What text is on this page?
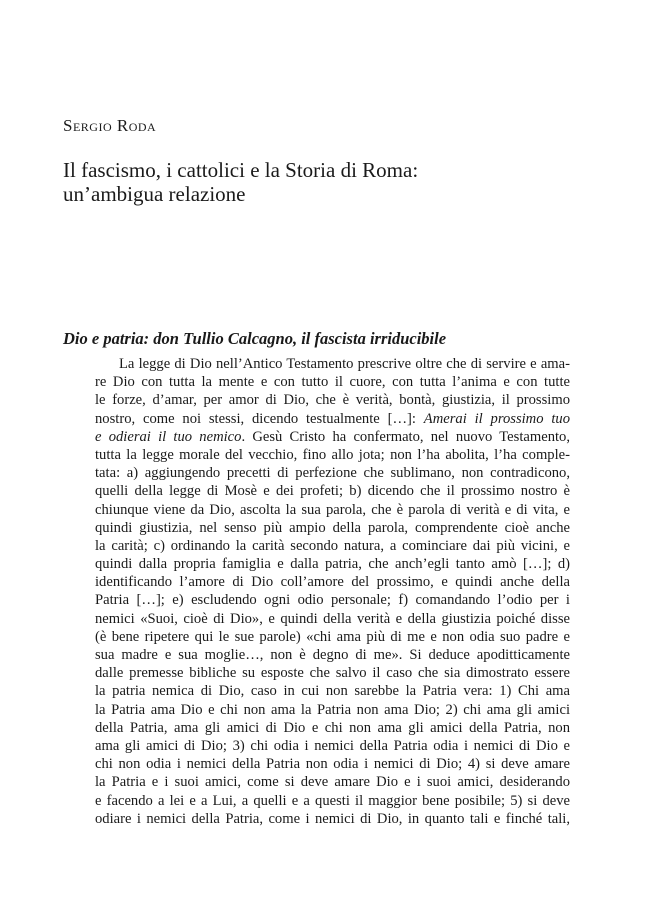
Sergio Roda
Il fascismo, i cattolici e la Storia di Roma:
un’ambigua relazione
Dio e patria: don Tullio Calcagno, il fascista irriducibile
La legge di Dio nell’Antico Testamento prescrive oltre che di servire e ama-
re Dio con tutta la mente e con tutto il cuore, con tutta l’anima e con tutte
le forze, d’amar, per amor di Dio, che è verità, bontà, giustizia, il prossimo
nostro, come noi stessi, dicendo testualmente […]: Amerai il prossimo tuo
e odierai il tuo nemico. Gesù Cristo ha confermato, nel nuovo Testamento,
tutta la legge morale del vecchio, fino allo jota; non l’ha abolita, l’ha comple-
tata: a) aggiungendo precetti di perfezione che sublimano, non contradicono,
quelli della legge di Mosè e dei profeti; b) dicendo che il prossimo nostro è
chiunque viene da Dio, ascolta la sua parola, che è parola di verità e di vita, e
quindi giustizia, nel senso più ampio della parola, comprendente cioè anche
la carità; c) ordinando la carità secondo natura, a cominciare dai più vicini, e
quindi dalla propria famiglia e dalla patria, che anch’egli tanto amò […]; d)
identificando l’amore di Dio coll’amore del prossimo, e quindi anche della
Patria […]; e) escludendo ogni odio personale; f) comandando l’odio per i
nemici «Suoi, cioè di Dio», e quindi della verità e della giustizia poiché disse
(è bene ripetere qui le sue parole) «chi ama più di me e non odia suo padre e
sua madre e sua moglie…, non è degno di me». Si deduce apoditticamente
dalle premesse bibliche su esposte che salvo il caso che sia dimostrato essere
la patria nemica di Dio, caso in cui non sarebbe la Patria vera: 1) Chi ama
la Patria ama Dio e chi non ama la Patria non ama Dio; 2) chi ama gli amici
della Patria, ama gli amici di Dio e chi non ama gli amici della Patria, non
ama gli amici di Dio; 3) chi odia i nemici della Patria odia i nemici di Dio e
chi non odia i nemici della Patria non odia i nemici di Dio; 4) si deve amare
la Patria e i suoi amici, come si deve amare Dio e i suoi amici, desiderando
e facendo a lei e a Lui, a quelli e a questi il maggior bene posibile; 5) si deve
odiare i nemici della Patria, come i nemici di Dio, in quanto tali e finché tali,
